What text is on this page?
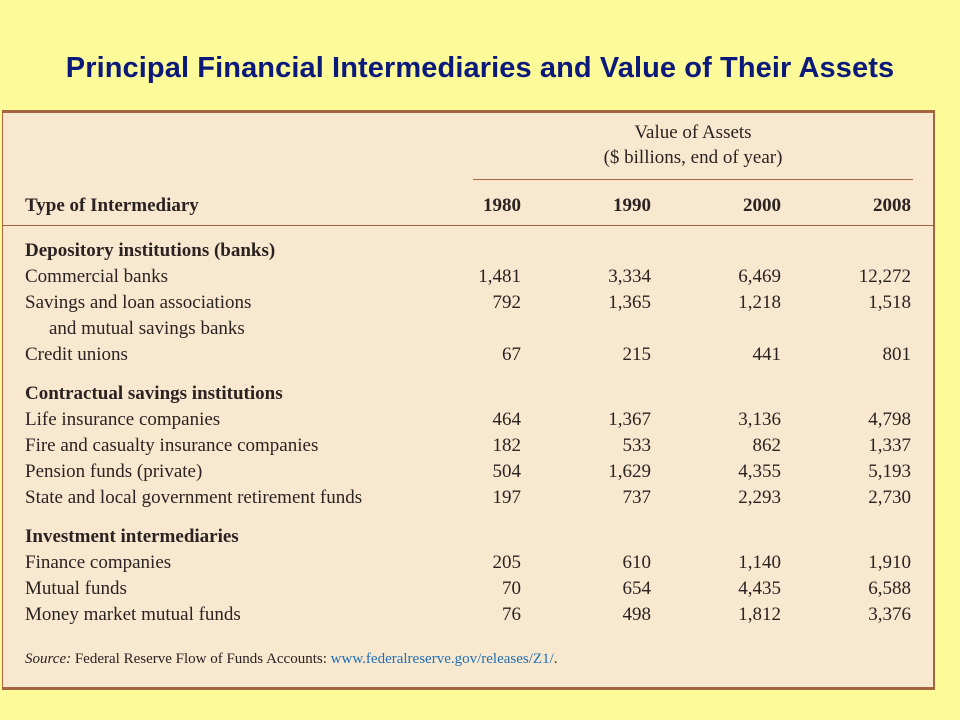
Principal Financial Intermediaries and Value of Their Assets
Value of Assets
($ billions, end of year)
Type of Intermediary	1980	1990	2000	2008
Depository institutions (banks)
Commercial banks	1,481	3,334	6,469	12,272
Savings and loan associations
and mutual savings banks
792	1,365	1,218	1,518
Credit unions	67	215	441	801
Contractual savings institutions
Life insurance companies	464	1,367	3,136	4,798
Fire and casualty insurance companies	182	533	862	1,337
Pension funds (private)	504	1,629	4,355	5,193
State and local government retirement funds	197	737	2,293	2,730
Investment intermediaries
Finance companies	205	610	1,140	1,910
Mutual funds	70	654	4,435	6,588
Money market mutual funds	76	498	1,812	3,376
Source: Federal Reserve Flow of Funds Accounts: www.federalreserve.gov/releases/Z1/.
